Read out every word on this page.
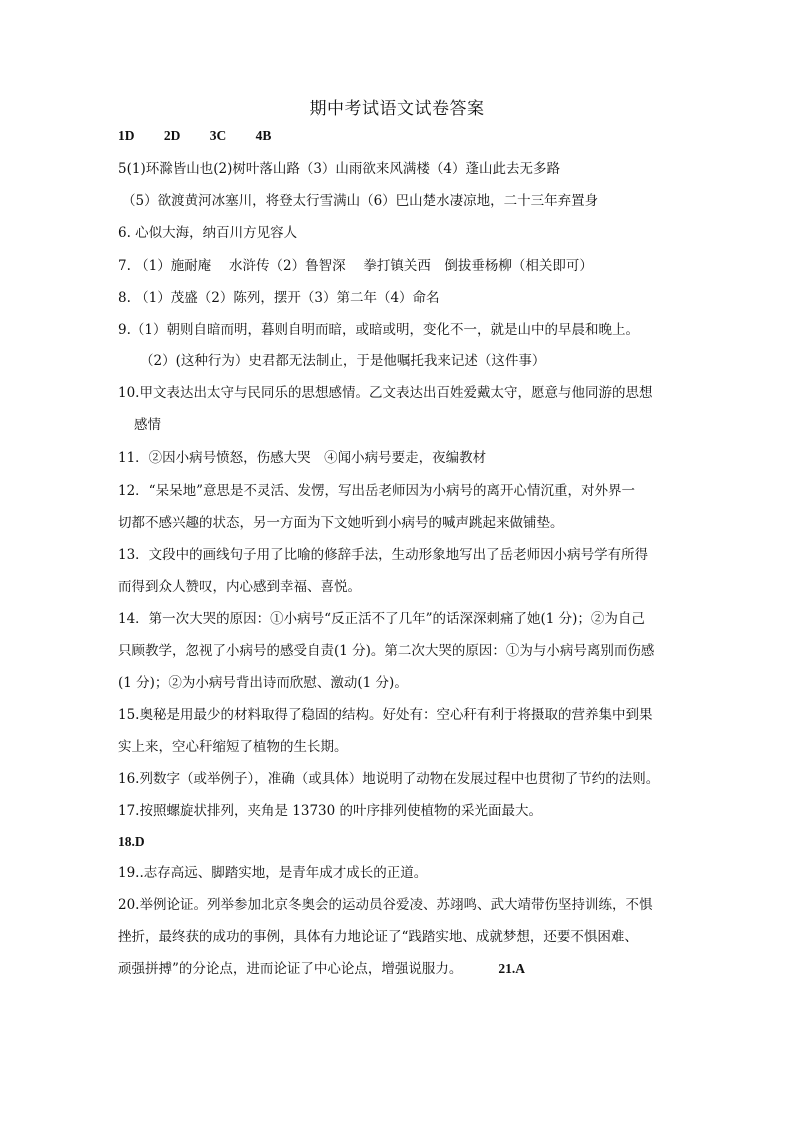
期中考试语文试卷答案
1D 2D 3C 4B
5(1)环滁皆山也(2)树叶落山路（3）山雨欲来风满楼（4）蓬山此去无多路
（5）欲渡黄河冰塞川，将登太行雪满山（6）巴山楚水凄凉地，二十三年弃置身
6. 心似大海，纳百川方见容人
7. （1）施耐庵　 水浒传（2）鲁智深　 拳打镇关西　倒拔垂杨柳（相关即可）
8. （1）茂盛（2）陈列，摆开（3）第二年（4）命名
9.（1）朝则自暗而明，暮则自明而暗，或暗或明，变化不一，就是山中的早晨和晚上。
（2）(这种行为）史君都无法制止，于是他嘱托我来记述（这件事）
10.甲文表达出太守与民同乐的思想感情。乙文表达出百姓爱戴太守，愿意与他同游的思想
感情
11．②因小病号愤怒，伤感大哭　④闻小病号要走，夜编教材
12．“呆呆地”意思是不灵活、发愣，写出岳老师因为小病号的离开心情沉重，对外界一
切都不感兴趣的状态，另一方面为下文她听到小病号的喊声跳起来做铺垫。
13．文段中的画线句子用了比喻的修辞手法，生动形象地写出了岳老师因小病号学有所得
而得到众人赞叹，内心感到幸福、喜悦。
14．第一次大哭的原因：①小病号“反正活不了几年”的话深深刺痛了她(1 分)；②为自己
只顾教学，忽视了小病号的感受自责(1 分)。第二次大哭的原因：①为与小病号离别而伤感
(1 分)；②为小病号背出诗而欣慰、激动(1 分)。
15.奥秘是用最少的材料取得了稳固的结构。好处有：空心秆有利于将摄取的营养集中到果
实上来，空心秆缩短了植物的生长期。
16.列数字（或举例子），准确（或具体）地说明了动物在发展过程中也贯彻了节约的法则。
17.按照螺旋状排列，夹角是 13730 的叶序排列使植物的采光面最大。
18.D
19..志存高远、脚踏实地，是青年成才成长的正道。
20.举例论证。列举参加北京冬奥会的运动员谷爱凌、苏翊鸣、武大靖带伤坚持训练，不惧
挫折，最终获的成功的事例，具体有力地论证了“践踏实地、成就梦想，还要不惧困难、
顽强拼搏”的分论点，进而论证了中心论点，增强说服力。	21.A
